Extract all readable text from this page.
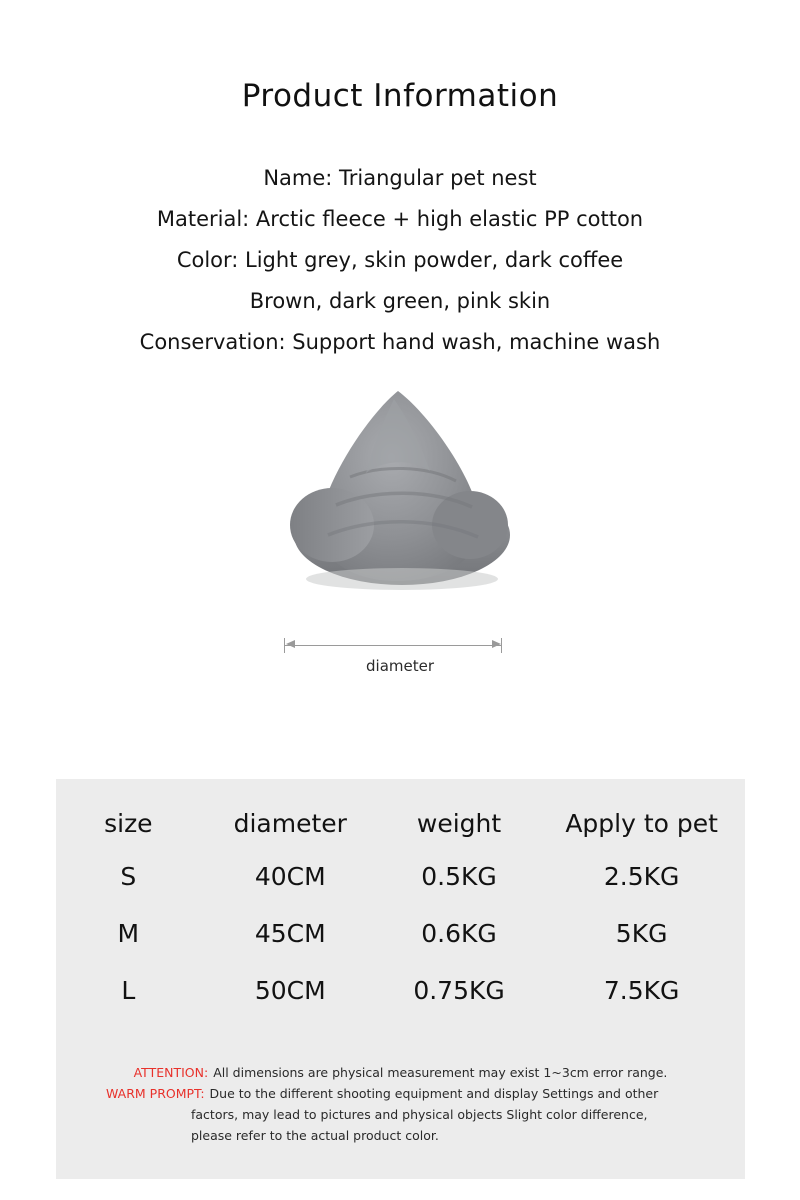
Product Information
Name: Triangular pet nest
Material: Arctic fleece + high elastic PP cotton
Color: Light grey, skin powder, dark coffee
Brown, dark green, pink skin
Conservation: Support hand wash, machine wash
diameter
size	diameter	weight	Apply to pet
S	40CM	0.5KG	2.5KG
M	45CM	0.6KG	5KG
L	50CM	0.75KG	7.5KG
ATTENTION: All dimensions are physical measurement may exist 1~3cm error range.
WARM PROMPT: Due to the different shooting equipment and display Settings and other
factors, may lead to pictures and physical objects Slight color difference,
please refer to the actual product color.
